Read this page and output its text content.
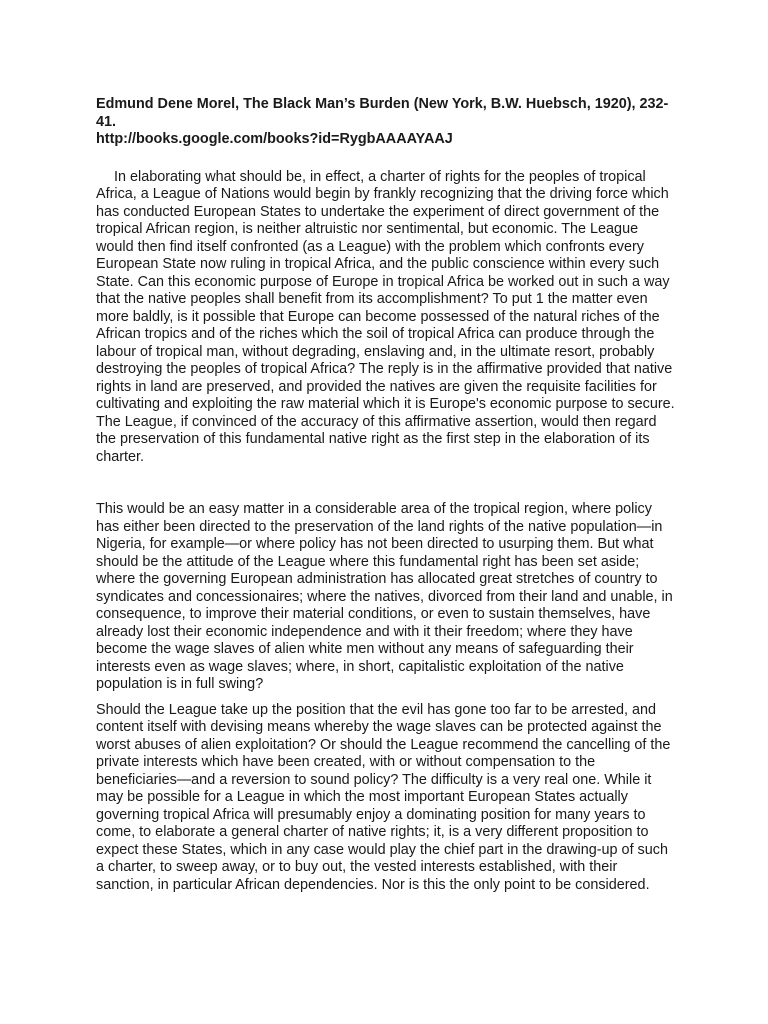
Edmund Dene Morel, The Black Man’s Burden (New York, B.W. Huebsch, 1920), 232-41.
http://books.google.com/books?id=RygbAAAAYAAJ

In elaborating what should be, in effect, a charter of rights for the peoples of tropical Africa, a League of Nations would begin by frankly recognizing that the driving force which has conducted European States to undertake the experiment of direct government of the tropical African region, is neither altruistic nor sentimental, but economic. The League would then find itself confronted (as a League) with the problem which confronts every European State now ruling in tropical Africa, and the public conscience within every such State. Can this economic purpose of Europe in tropical Africa be worked out in such a way that the native peoples shall benefit from its accomplishment? To put 1 the matter even more baldly, is it possible that Europe can become possessed of the natural riches of the African tropics and of the riches which the soil of tropical Africa can produce through the labour of tropical man, without degrading, enslaving and, in the ultimate resort, probably destroying the peoples of tropical Africa? The reply is in the affirmative provided that native rights in land are preserved, and provided the natives are given the requisite facilities for cultivating and exploiting the raw material which it is Europe's economic purpose to secure. The League, if convinced of the accuracy of this affirmative assertion, would then regard the preservation of this fundamental native right as the first step in the elaboration of its charter.

This would be an easy matter in a considerable area of the tropical region, where policy has either been directed to the preservation of the land rights of the native population—in Nigeria, for example—or where policy has not been directed to usurping them. But what should be the attitude of the League where this fundamental right has been set aside; where the governing European administration has allocated great stretches of country to syndicates and concessionaires; where the natives, divorced from their land and unable, in consequence, to improve their material conditions, or even to sustain themselves, have already lost their economic independence and with it their freedom; where they have become the wage slaves of alien white men without any means of safeguarding their interests even as wage slaves; where, in short, capitalistic exploitation of the native population is in full swing?

Should the League take up the position that the evil has gone too far to be arrested, and content itself with devising means whereby the wage slaves can be protected against the worst abuses of alien exploitation? Or should the League recommend the cancelling of the private interests which have been created, with or without compensation to the beneficiaries—and a reversion to sound policy? The difficulty is a very real one. While it may be possible for a League in which the most important European States actually governing tropical Africa will presumably enjoy a dominating position for many years to come, to elaborate a general charter of native rights; it, is a very different proposition to expect these States, which in any case would play the chief part in the drawing-up of such a charter, to sweep away, or to buy out, the vested interests established, with their sanction, in particular African dependencies. Nor is this the only point to be considered.
